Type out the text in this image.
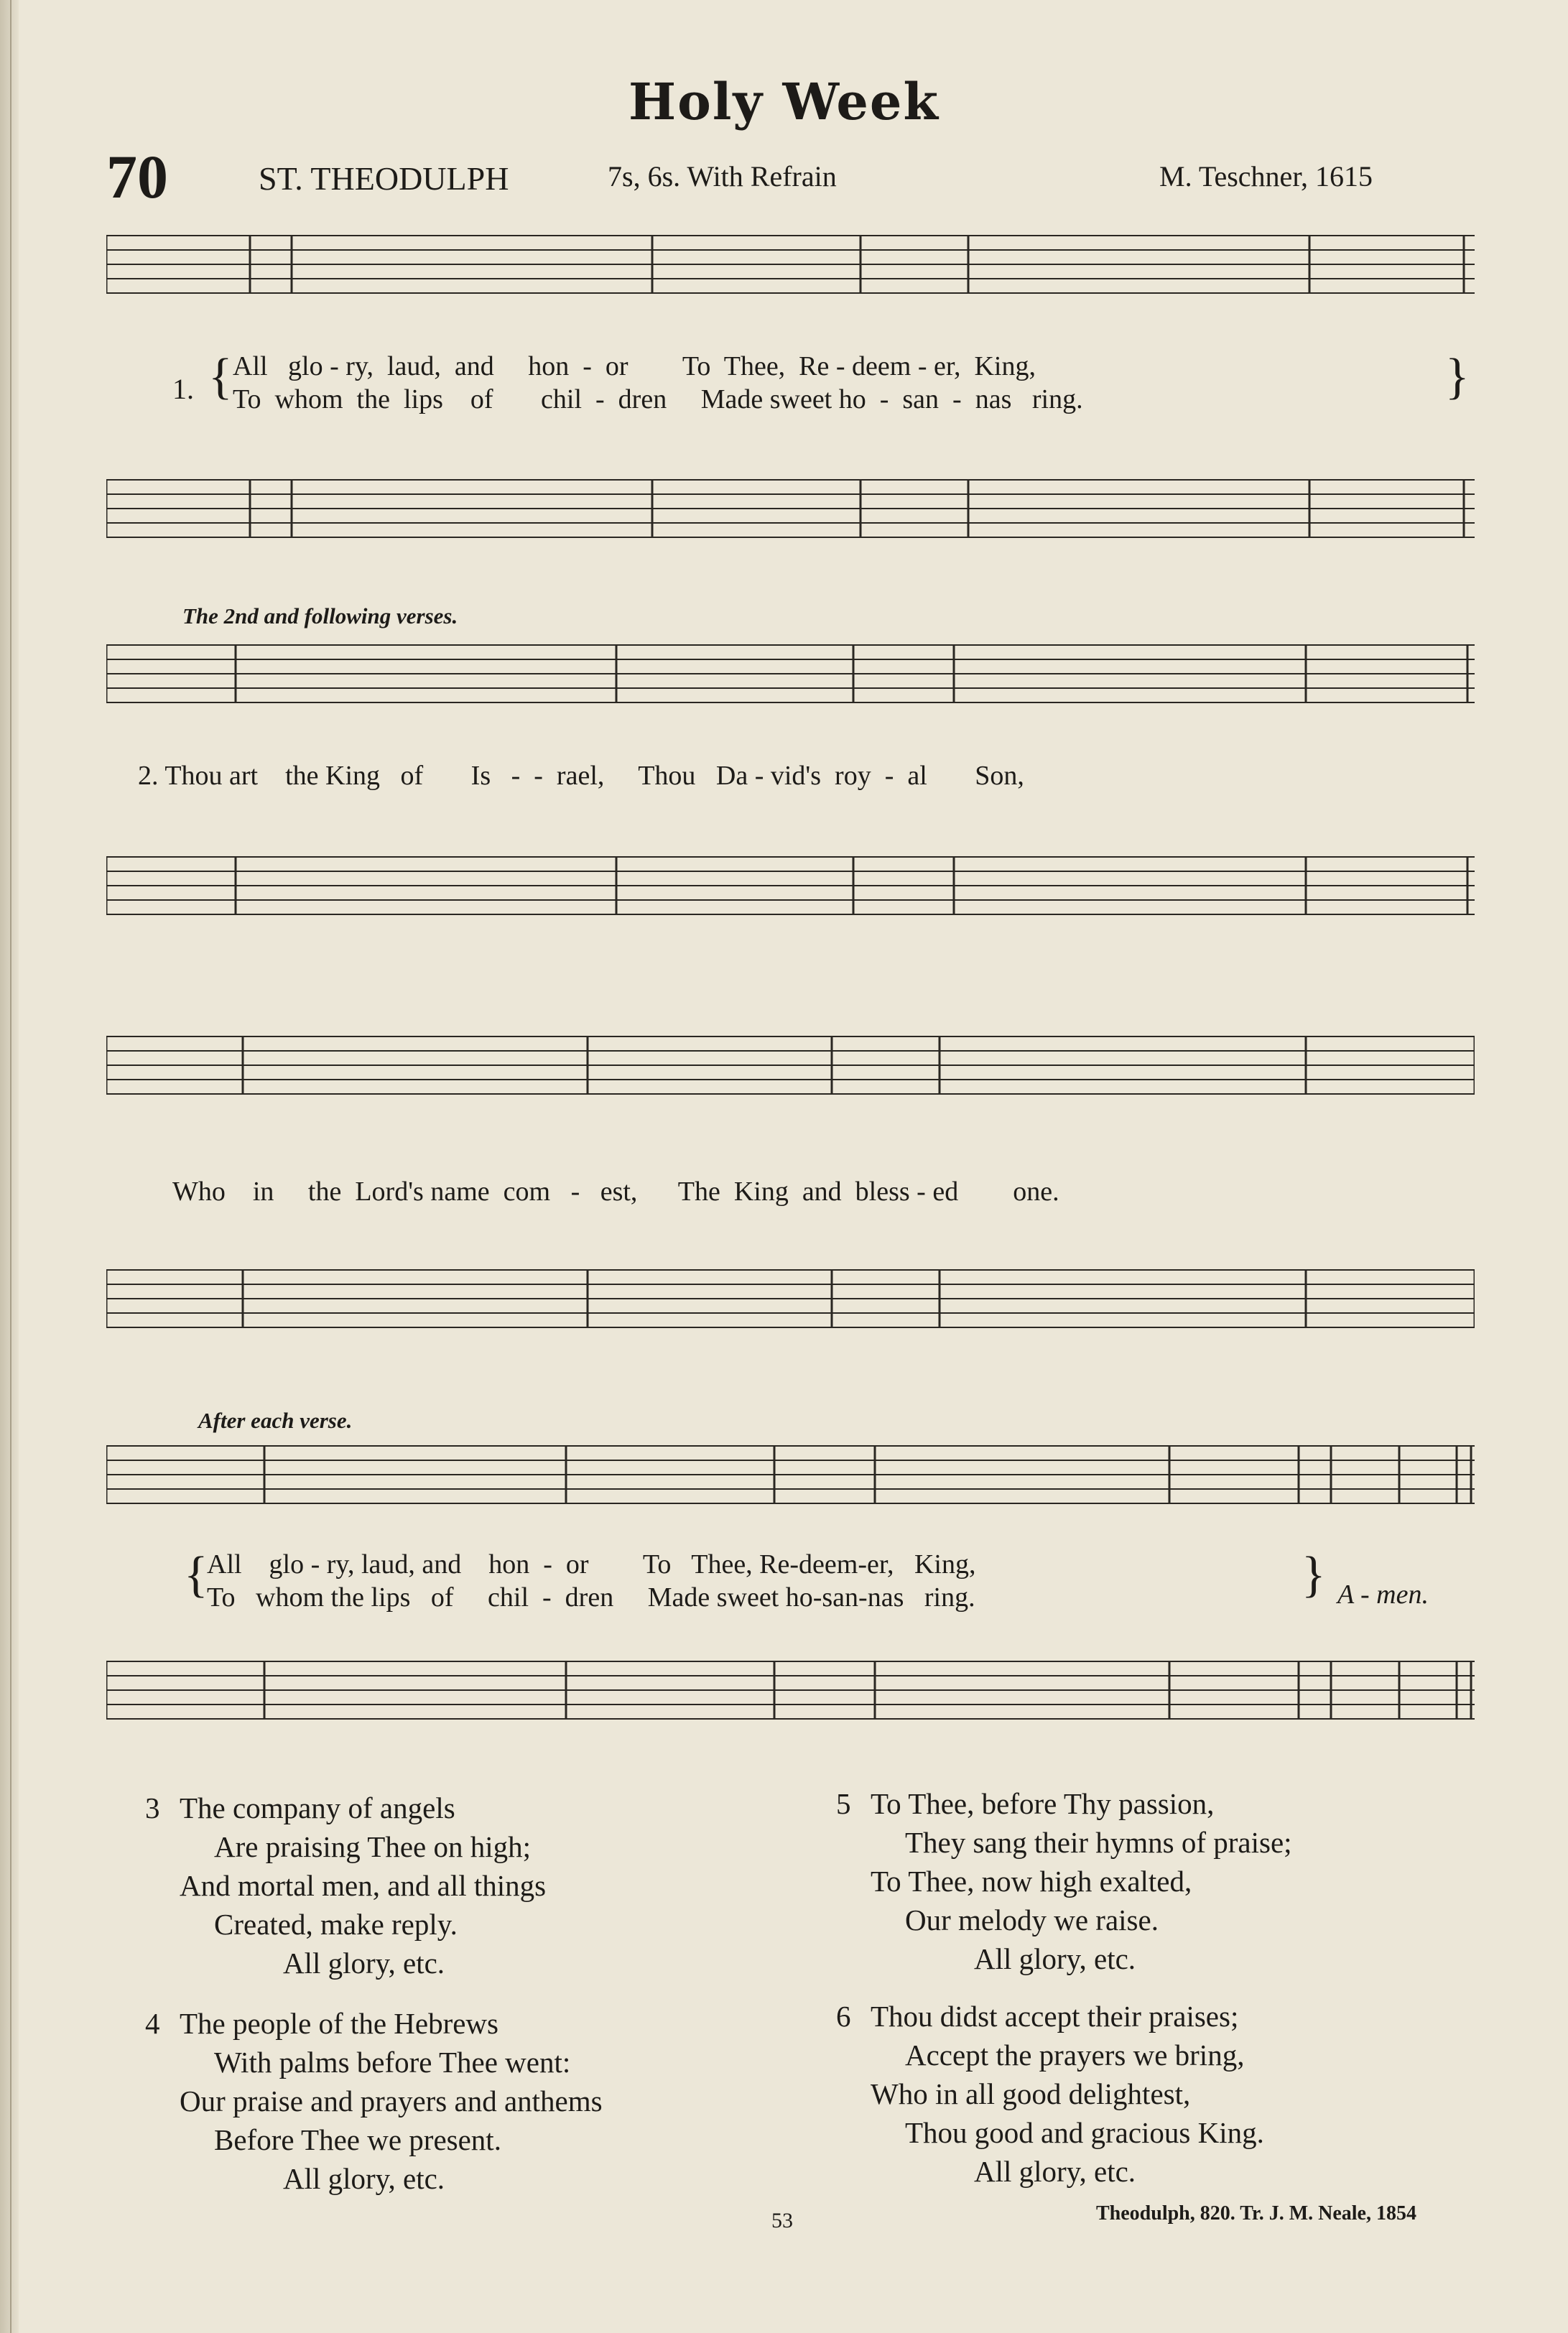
Holy Week
70	ST. THEODULPH	7s, 6s. With Refrain	M. Teschner, 1615
1. { All   glo - ry,  laud,  and     hon  -  or        To  Thee,  Re - deem - er,  King,
To  whom  the  lips    of       chil  -  dren     Made sweet ho  -  san  -  nas   ring.	}
The 2nd and following verses.
2. Thou art    the King   of       Is   -  -  rael,     Thou   Da - vid's  roy  -  al       Son,
Who    in     the  Lord's name  com   -   est,      The  King  and  bless - ed        one.
After each verse.
{
All    glo - ry, laud, and    hon  -  or        To   Thee, Re-deem-er,   King,
To   whom the lips   of     chil  -  dren     Made sweet ho-san-nas   ring.	} A - men.
3 The company of angels
Are praising Thee on high;
And mortal men, and all things
Created, make reply.
All glory, etc.
4 The people of the Hebrews
With palms before Thee went:
Our praise and prayers and anthems
Before Thee we present.
All glory, etc.
5 To Thee, before Thy passion,
They sang their hymns of praise;
To Thee, now high exalted,
Our melody we raise.
All glory, etc.
6 Thou didst accept their praises;
Accept the prayers we bring,
Who in all good delightest,
Thou good and gracious King.
All glory, etc.
53	Theodulph, 820. Tr. J. M. Neale, 1854
